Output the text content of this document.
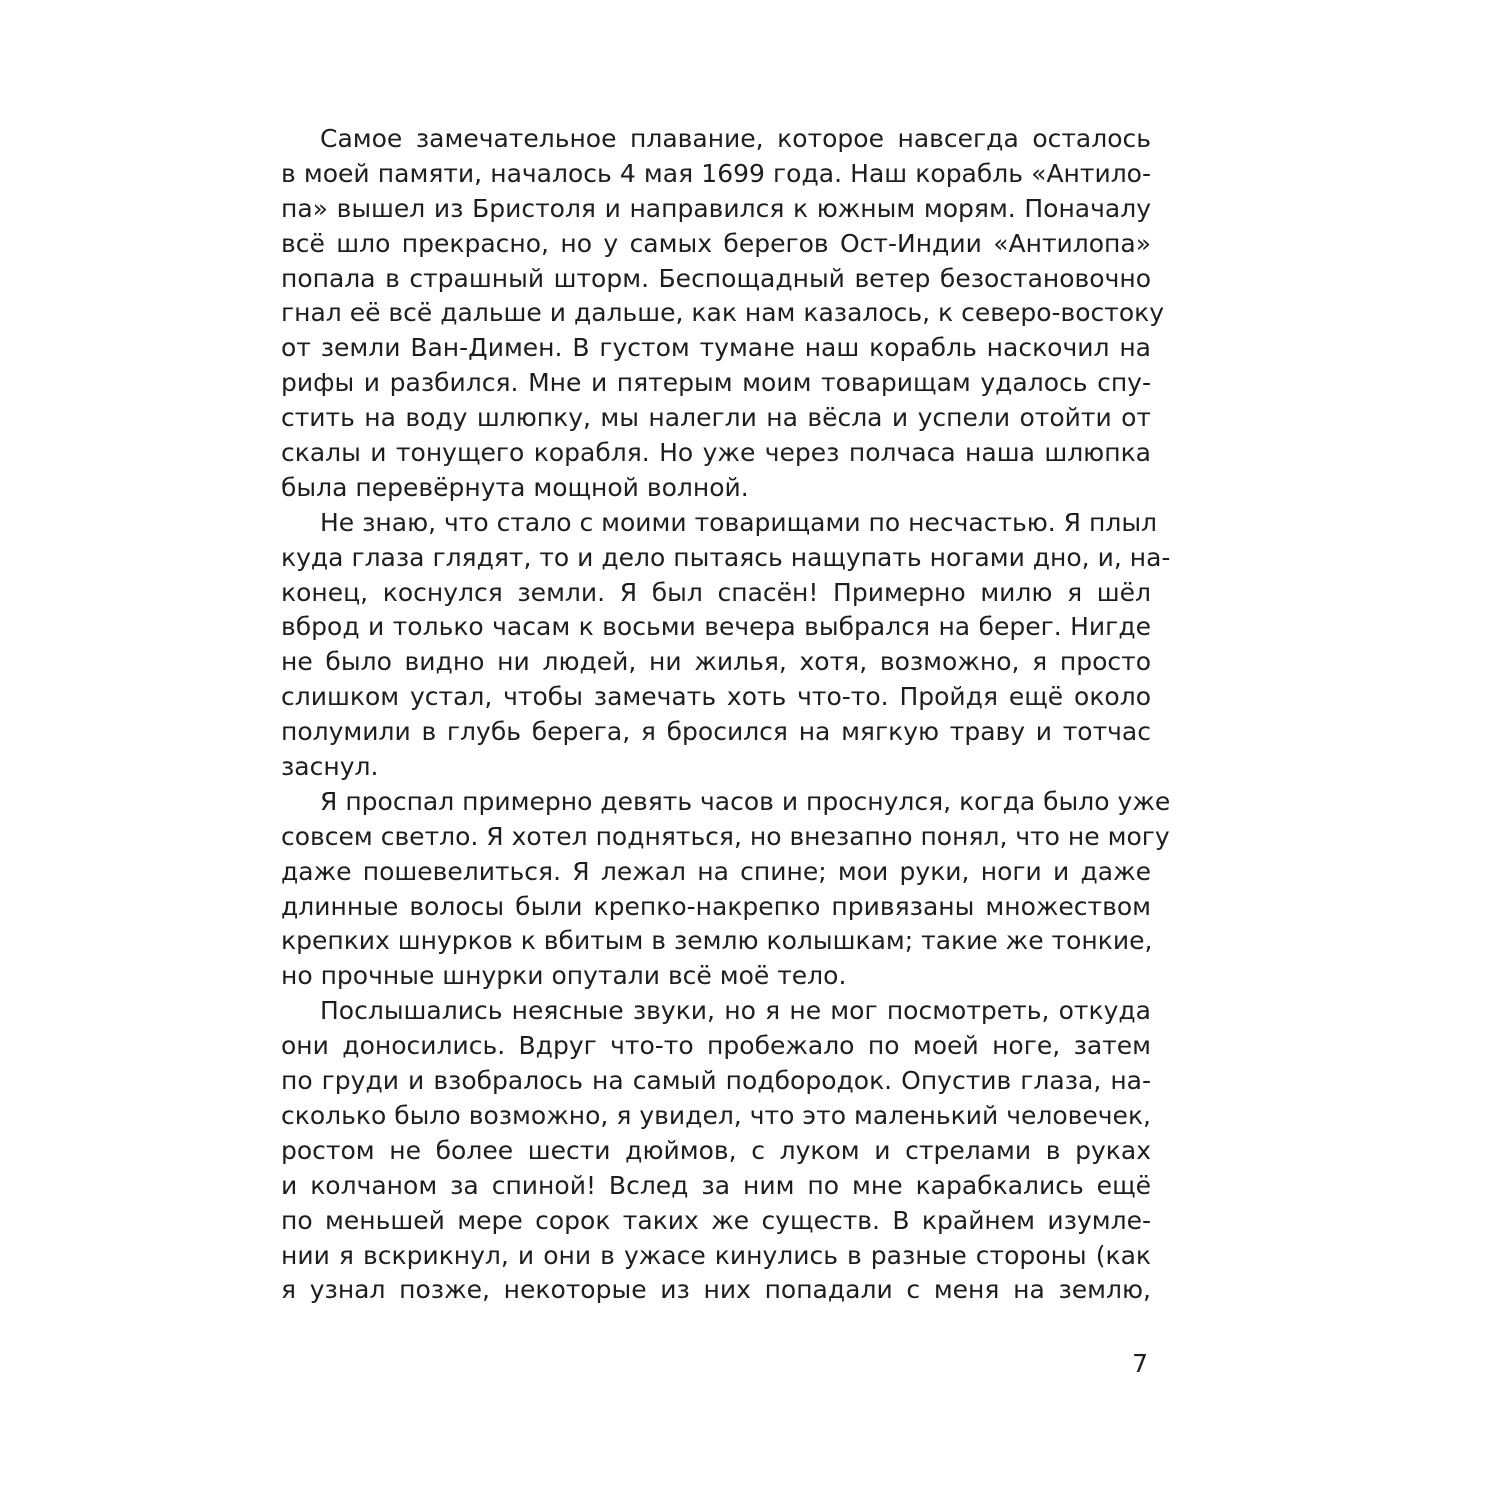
Самое замечательное плавание, которое навсегда осталось
в моей памяти, началось 4 мая 1699 года. Наш корабль «Антило-
па» вышел из Бристоля и направился к южным морям. Поначалу
всё шло прекрасно, но у самых берегов Ост-Индии «Антилопа»
попала в страшный шторм. Беспощадный ветер безостановочно
гнал её всё дальше и дальше, как нам казалось, к северо-востоку
от земли Ван-Димен. В густом тумане наш корабль наскочил на
рифы и разбился. Мне и пятерым моим товарищам удалось спу-
стить на воду шлюпку, мы налегли на вёсла и успели отойти от
скалы и тонущего корабля. Но уже через полчаса наша шлюпка
была перевёрнута мощной волной.
Не знаю, что стало с моими товарищами по несчастью. Я плыл
куда глаза глядят, то и дело пытаясь нащупать ногами дно, и, на-
конец, коснулся земли. Я был спасён! Примерно милю я шёл
вброд и только часам к восьми вечера выбрался на берег. Нигде
не было видно ни людей, ни жилья, хотя, возможно, я просто
слишком устал, чтобы замечать хоть что-то. Пройдя ещё около
полумили в глубь берега, я бросился на мягкую траву и тотчас
заснул.
Я проспал примерно девять часов и проснулся, когда было уже
совсем светло. Я хотел подняться, но внезапно понял, что не могу
даже пошевелиться. Я лежал на спине; мои руки, ноги и даже
длинные волосы были крепко-накрепко привязаны множеством
крепких шнурков к вбитым в землю колышкам; такие же тонкие,
но прочные шнурки опутали всё моё тело.
Послышались неясные звуки, но я не мог посмотреть, откуда
они доносились. Вдруг что-то пробежало по моей ноге, затем
по груди и взобралось на самый подбородок. Опустив глаза, на-
сколько было возможно, я увидел, что это маленький человечек,
ростом не более шести дюймов, с луком и стрелами в руках
и колчаном за спиной! Вслед за ним по мне карабкались ещё
по меньшей мере сорок таких же существ. В крайнем изумле-
нии я вскрикнул, и они в ужасе кинулись в разные стороны (как
я узнал позже, некоторые из них попадали с меня на землю,
7
